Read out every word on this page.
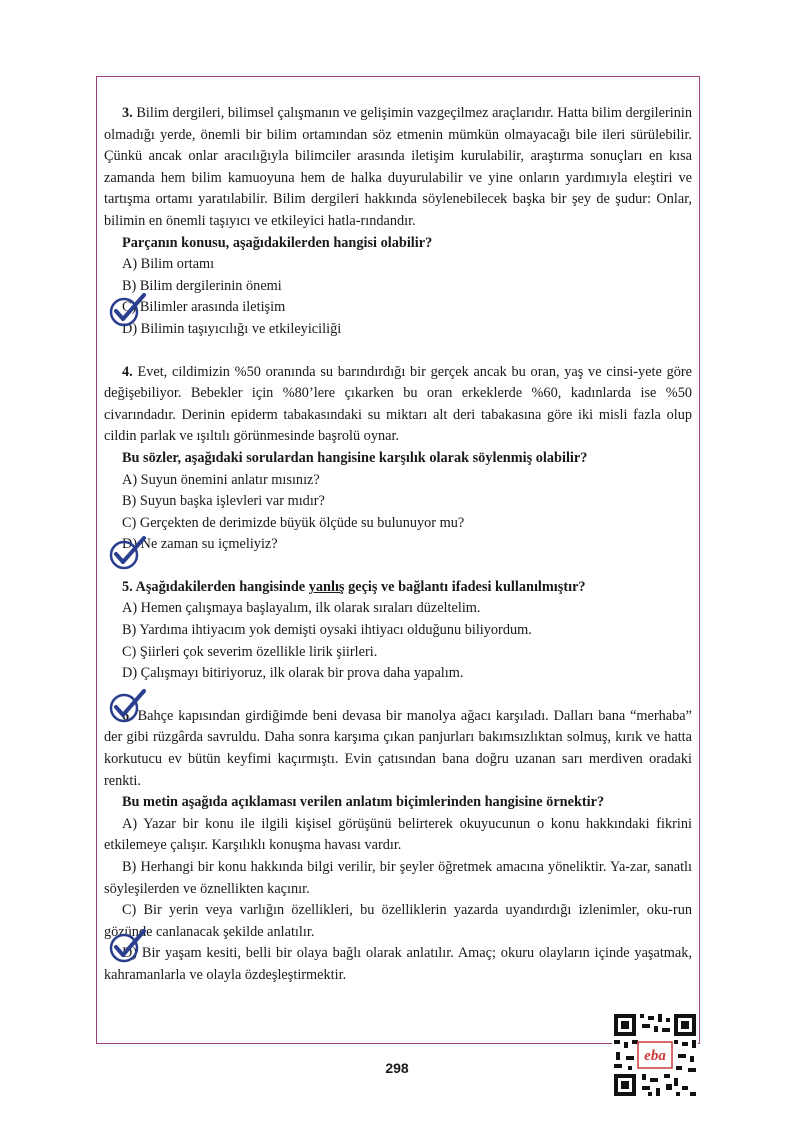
3. Bilim dergileri, bilimsel çalışmanın ve gelişimin vazgeçilmez araçlarıdır. Hatta bilim dergilerinin olmadığı yerde, önemli bir bilim ortamından söz etmenin mümkün olmayacağı bile ileri sürülebilir. Çünkü ancak onlar aracılığıyla bilimciler arasında iletişim kurulabilir, araştırma sonuçları en kısa zamanda hem bilim kamuoyuna hem de halka duyurulabilir ve yine onların yardımıyla eleştiri ve tartışma ortamı yaratılabilir. Bilim dergileri hakkında söylenebilecek başka bir şey de şudur: Onlar, bilimin en önemli taşıyıcı ve etkileyici hatla-rındandır.

Parçanın konusu, aşağıdakilerden hangisi olabilir?

A) Bilim ortamı

B) Bilim dergilerinin önemi

C) Bilimler arasında iletişim

D) Bilimin taşıyıcılığı ve etkileyiciliği

4. Evet, cildimizin %50 oranında su barındırdığı bir gerçek ancak bu oran, yaş ve cinsi-yete göre değişebiliyor. Bebekler için %80’lere çıkarken bu oran erkeklerde %60, kadınlarda ise %50 civarındadır. Derinin epiderm tabakasındaki su miktarı alt deri tabakasına göre iki misli fazla olup cildin parlak ve ışıltılı görünmesinde başrolü oynar.

Bu sözler, aşağıdaki sorulardan hangisine karşılık olarak söylenmiş olabilir?

A) Suyun önemini anlatır mısınız?

B) Suyun başka işlevleri var mıdır?

C) Gerçekten de derimizde büyük ölçüde su bulunuyor mu?

D) Ne zaman su içmeliyiz?

5. Aşağıdakilerden hangisinde yanlış geçiş ve bağlantı ifadesi kullanılmıştır?

A) Hemen çalışmaya başlayalım, ilk olarak sıraları düzeltelim.

B) Yardıma ihtiyacım yok demişti oysaki ihtiyacı olduğunu biliyordum.

C) Şiirleri çok severim özellikle lirik şiirleri.

D) Çalışmayı bitiriyoruz, ilk olarak bir prova daha yapalım.

6. Bahçe kapısından girdiğimde beni devasa bir manolya ağacı karşıladı. Dalları bana “merhaba” der gibi rüzgârda savruldu. Daha sonra karşıma çıkan panjurları bakımsızlıktan solmuş, kırık ve hatta korkutucu ev bütün keyfimi kaçırmıştı. Evin çatısından bana doğru uzanan sarı merdiven oradaki renkti.

Bu metin aşağıda açıklaması verilen anlatım biçimlerinden hangisine örnektir?

A) Yazar bir konu ile ilgili kişisel görüşünü belirterek okuyucunun o konu hakkındaki fikrini etkilemeye çalışır. Karşılıklı konuşma havası vardır.

B) Herhangi bir konu hakkında bilgi verilir, bir şeyler öğretmek amacına yöneliktir. Ya-zar, sanatlı söyleşilerden ve öznellikten kaçınır.

C) Bir yerin veya varlığın özellikleri, bu özelliklerin yazarda uyandırdığı izlenimler, oku-run gözünde canlanacak şekilde anlatılır.

D) Bir yaşam kesiti, belli bir olaya bağlı olarak anlatılır. Amaç; okuru olayların içinde yaşatmak, kahramanlarla ve olayla özdeşleştirmektir.

298
eba
